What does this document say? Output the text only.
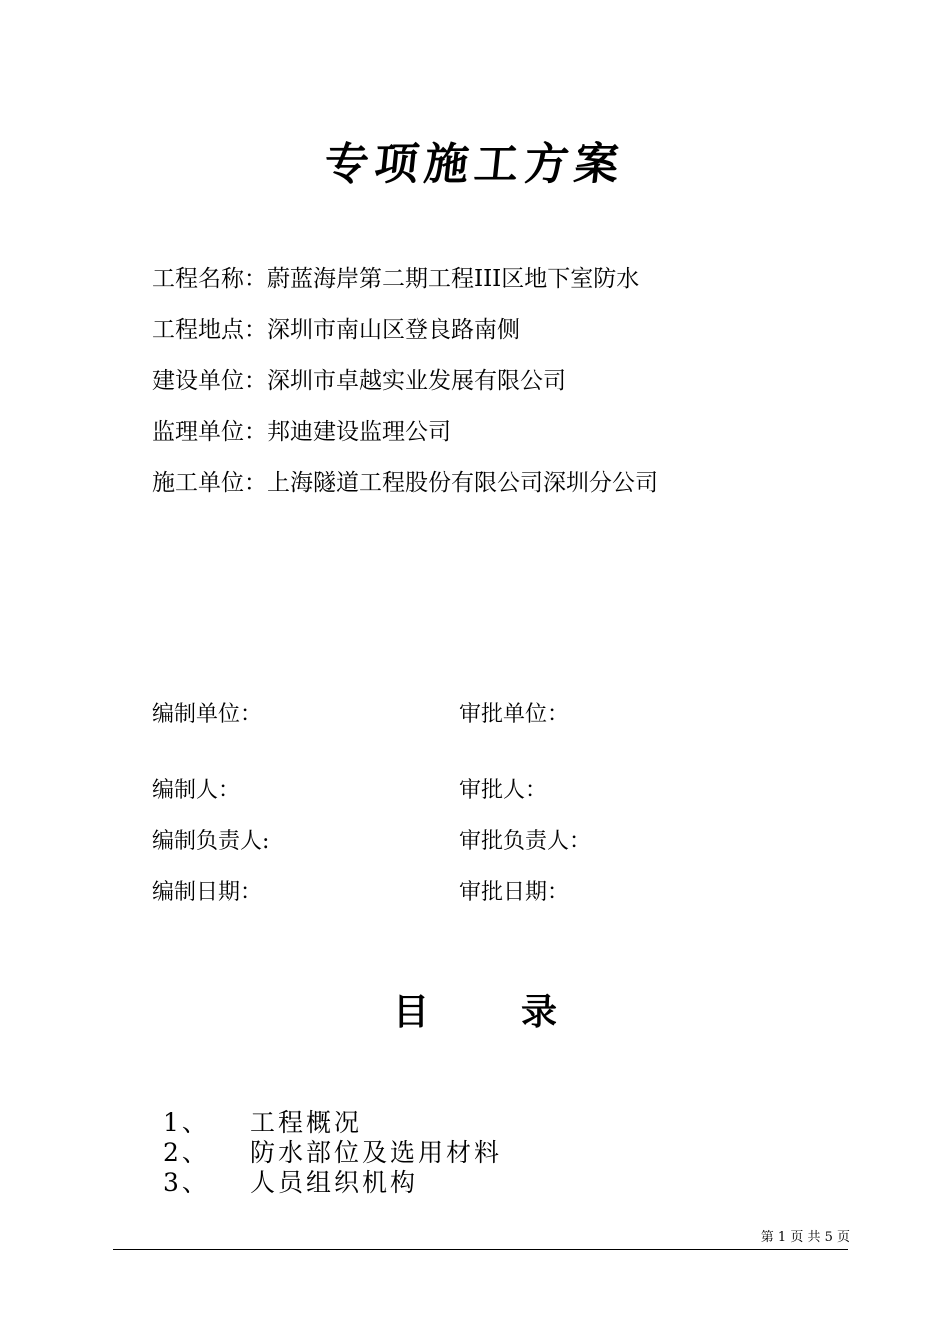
专项施工方案
工程名称：蔚蓝海岸第二期工程III区地下室防水
工程地点：深圳市南山区登良路南侧
建设单位：深圳市卓越实业发展有限公司
监理单位：邦迪建设监理公司
施工单位：上海隧道工程股份有限公司深圳分公司
编制单位：	审批单位：
编制人：	审批人：
编制负责人:	审批负责人：
编制日期：	审批日期：
目	录
1、 工程概况
2、 防水部位及选用材料
3、 人员组织机构
第 1 页 共 5 页
